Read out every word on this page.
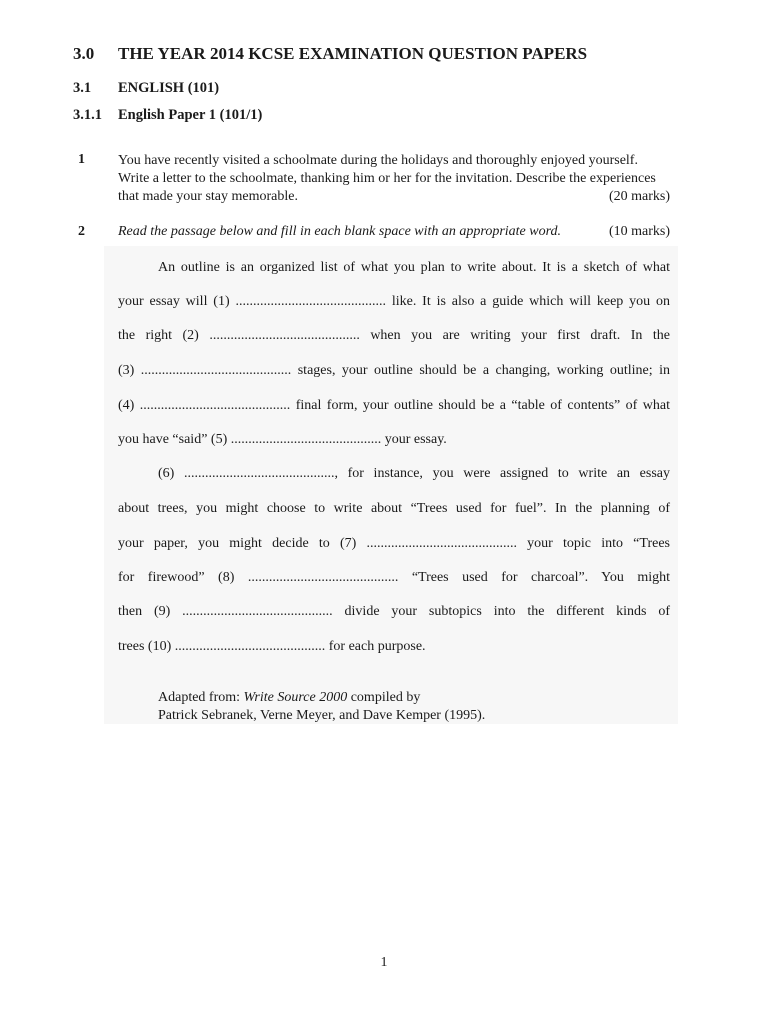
3.0 THE YEAR 2014 KCSE EXAMINATION QUESTION PAPERS
3.1 ENGLISH (101)
3.1.1 English Paper 1 (101/1)
1 You have recently visited a schoolmate during the holidays and thoroughly enjoyed yourself.
Write a letter to the schoolmate, thanking him or her for the invitation. Describe the experiences
that made your stay memorable.	(20 marks)
2 Read the passage below and fill in each blank space with an appropriate word.	(10 marks)
An outline is an organized list of what you plan to write about. It is a sketch of what
your essay will (1) ........................................... like. It is also a guide which will keep you on
the right (2) ........................................... when you are writing your first draft. In the
(3) ........................................... stages, your outline should be a changing, working outline; in
(4) ........................................... final form, your outline should be a “table of contents” of what
you have “said” (5) ........................................... your essay.
(6) ..........................................., for instance, you were assigned to write an essay
about trees, you might choose to write about “Trees used for fuel”. In the planning of
your paper, you might decide to (7) ........................................... your topic into “Trees
for firewood” (8) ........................................... “Trees used for charcoal”. You might
then (9) ........................................... divide your subtopics into the different kinds of
trees (10) ........................................... for each purpose.
Adapted from: Write Source 2000 compiled by
Patrick Sebranek, Verne Meyer, and Dave Kemper (1995).
1
